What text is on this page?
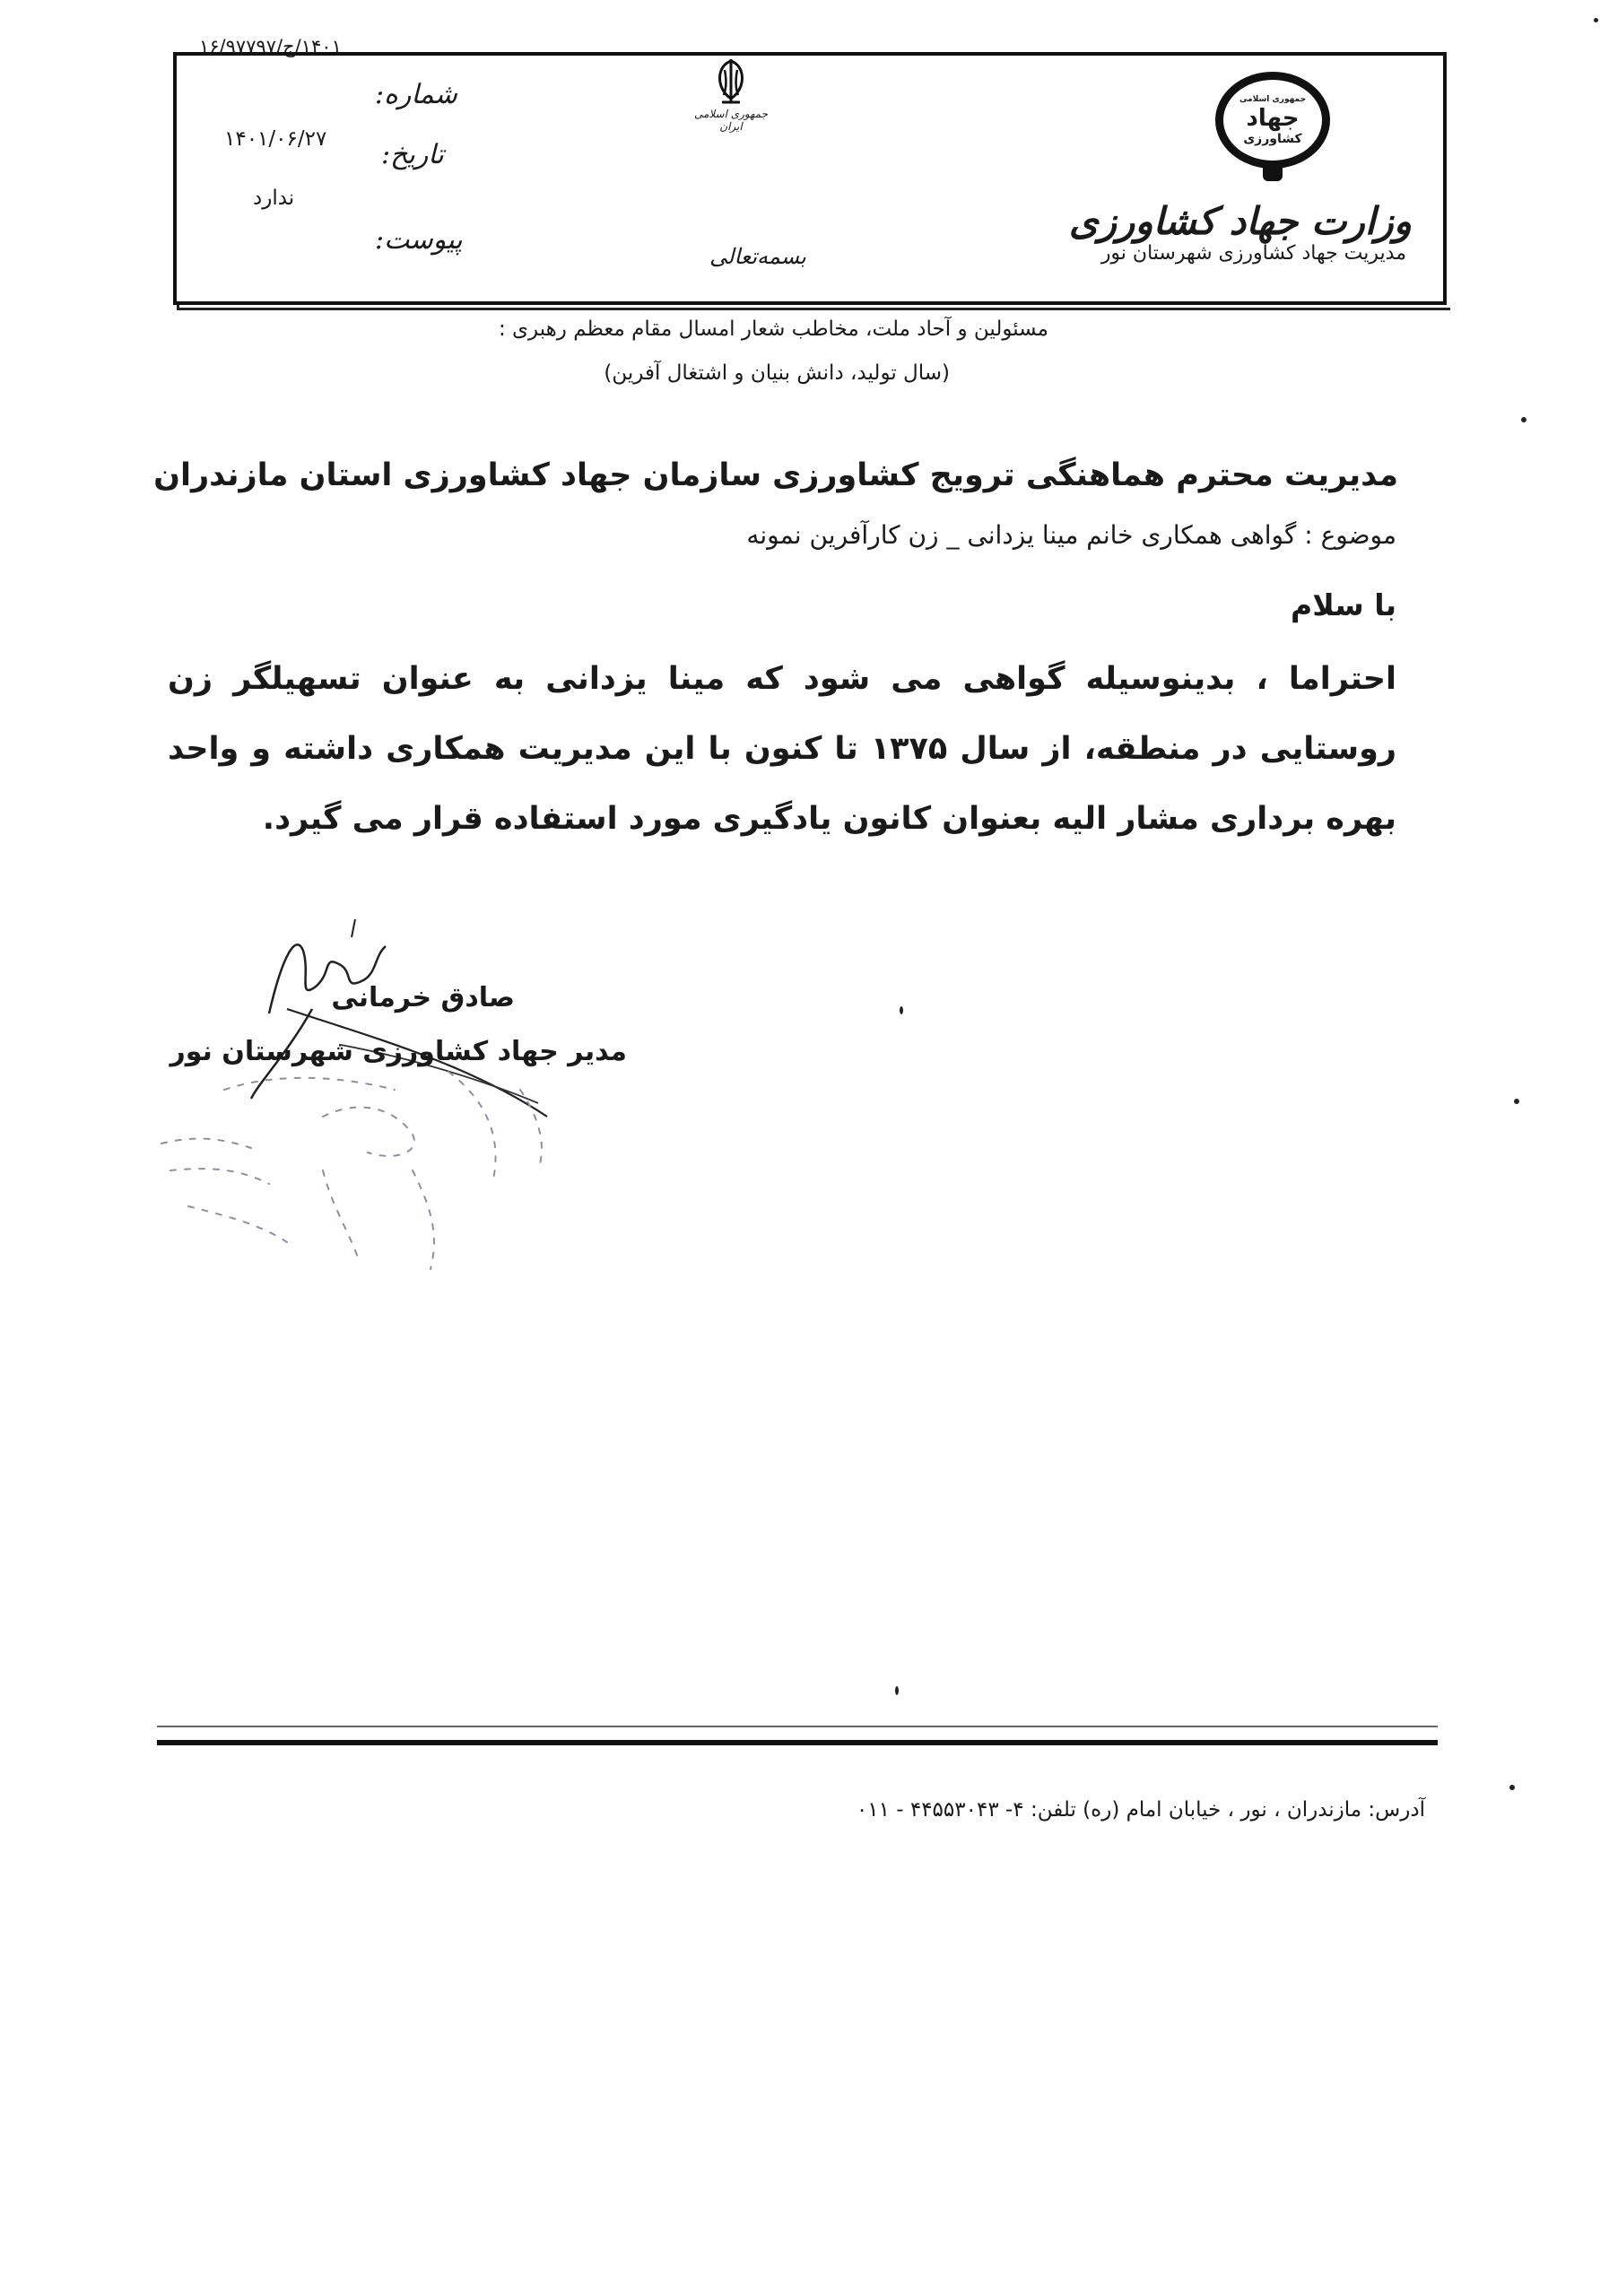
۱۴۰۱/ج/۱۶/۹۷۷۹۷
شماره:
تاریخ:
۱۴۰۱/۰۶/۲۷
ندارد
پیوست:
جمهوری اسلامی ایران
بسمه‌تعالی
جمهوری اسلامی
جهاد
کشاورزی
وزارت جهاد کشاورزی
مدیریت جهاد کشاورزی شهرستان نور
مسئولین و آحاد ملت، مخاطب شعار امسال مقام معظم رهبری :
(سال تولید، دانش بنیان و اشتغال آفرین)
مدیریت محترم هماهنگی ترویج کشاورزی سازمان جهاد کشاورزی استان مازندران
موضوع : گواهی همکاری خانم مینا یزدانی _ زن کارآفرین نمونه
با سلام
احتراما ، بدینوسیله گواهی می شود که مینا یزدانی به عنوان تسهیلگر زن روستایی در منطقه، از سال ۱۳۷۵ تا کنون با این مدیریت همکاری داشته و واحد بهره برداری مشار الیه بعنوان کانون یادگیری مورد استفاده قرار می گیرد.
صادق خرمانی
مدیر جهاد کشاورزی شهرستان نور
آدرس: مازندران ، نور ، خیابان امام (ره) تلفن: ۴- ۴۴۵۵۳۰۴۳ - ۰۱۱
